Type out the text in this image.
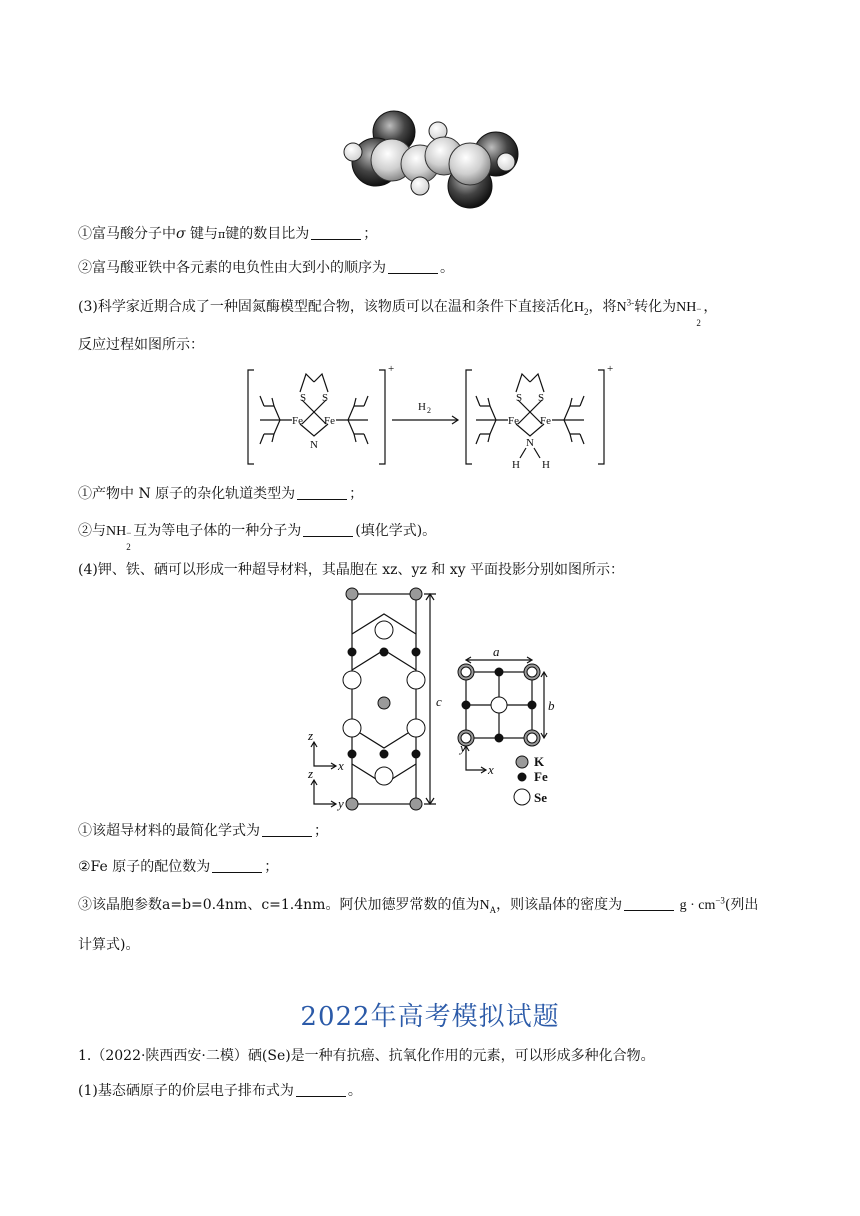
①富马酸分子中σ 键与π键的数目比为	；
②富马酸亚铁中各元素的电负性由大到小的顺序为	。
(3)科学家近期合成了一种固氮酶模型配合物，该物质可以在温和条件下直接活化$H_2$，将$N^{3-}$转化为NH −
2
，
反应过程如图所示：
S S
Fe Fe
N
+
H 2
S S
Fe Fe
N
H H
+
①产物中 N 原子的杂化轨道类型为	；
②与NH −
2
互为等电子体的一种分子为	(填化学式)。
(4)钾、铁、硒可以形成一种超导材料，其晶胞在 xz、yz 和 xy 平面投影分别如图所示：
c
a
b
z
x
z
y
y
x
K
Fe
Se
①该超导材料的最简化学式为	；
②Fe 原子的配位数为	；
③该晶胞参数a=b=0.4nm、c=1.4nm。阿伏加德罗常数的值为$N_A$，则该晶体的密度为	$g \cdot cm^{-3}$(列出
计算式)。
2022年高考模拟试题
1.（2022·陕西西安·二模）硒(Se)是一种有抗癌、抗氧化作用的元素，可以形成多种化合物。
(1)基态硒原子的价层电子排布式为	。
